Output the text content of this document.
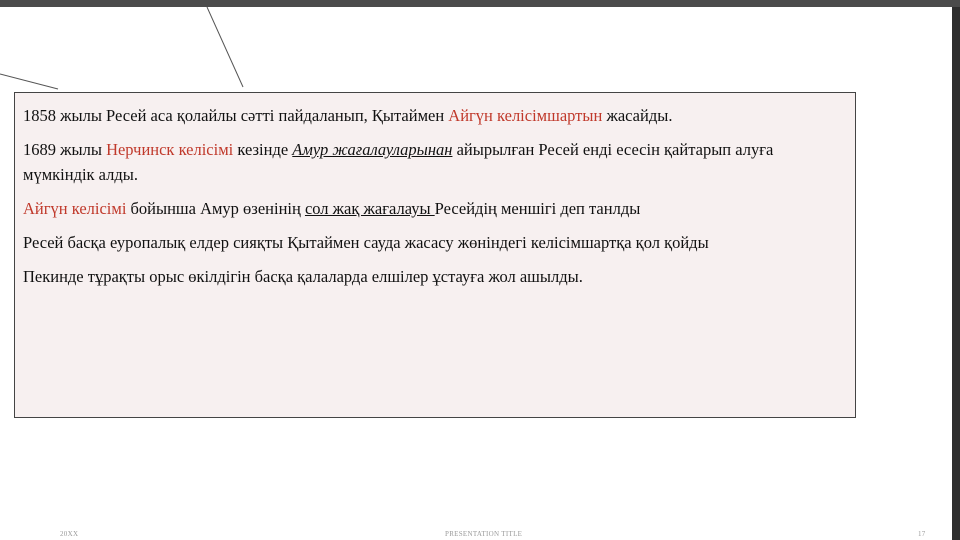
1858 жылы Ресей аса қолайлы сәтті пайдаланып, Қытаймен Айгүн келісімшартын жасайды.

1689 жылы Нерчинск келісімі кезінде Амур жағалауларынан айырылған Ресей енді есесін қайтарып алуға мүмкіндік алды.

Айгүн келісімі бойынша Амур өзенінің сол жақ жағалауы Ресейдің меншігі деп танлды

Ресей басқа еуропалық елдер сияқты Қытаймен сауда жасасу жөніндегі келісімшартқа қол қойды

Пекинде тұрақты орыс өкілдігін басқа қалаларда елшілер ұстауға жол ашылды.

20XX	PRESENTATION TITLE	17
